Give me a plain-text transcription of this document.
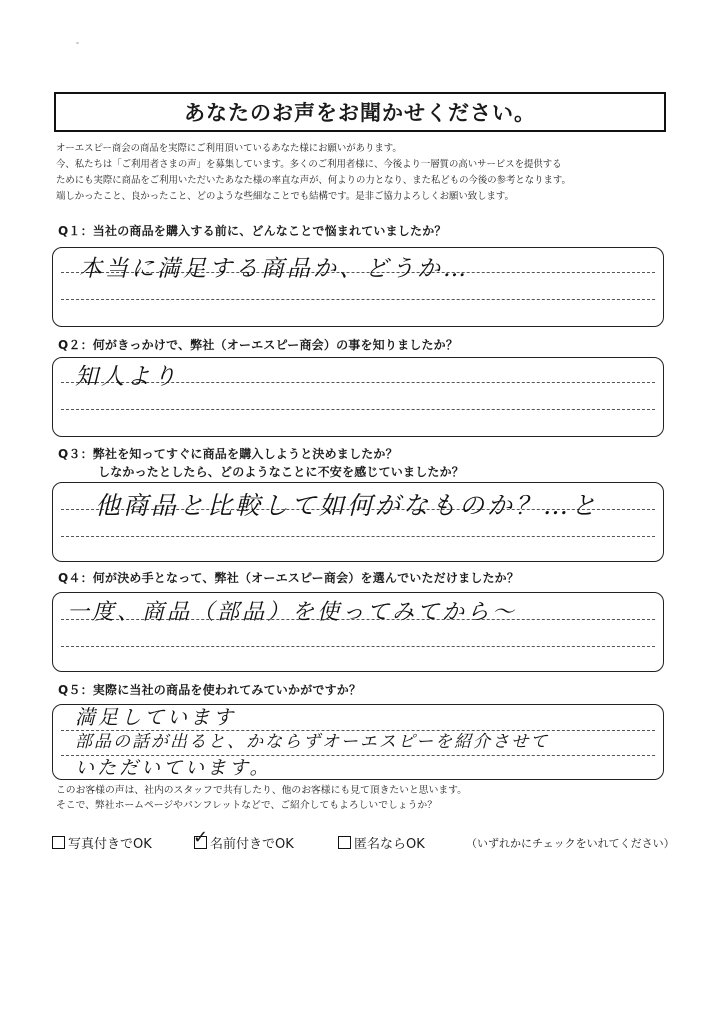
あなたのお声をお聞かせください。

オーエスピー商会の商品を実際にご利用頂いているあなた様にお願いがあります。

今、私たちは「ご利用者さまの声」を募集しています。多くのご利用者様に、今後より一層質の高いサービスを提供する

ためにも実際に商品をご利用いただいたあなた様の率直な声が、何よりの力となり、また私どもの今後の参考となります。

端しかったこと、良かったこと、どのような些細なことでも結構です。是非ご協力よろしくお願い致します。

Q１：当社の商品を購入する前に、どんなことで悩まれていましたか？
本当に満足する商品か、どうか…
Q２：何がきっかけで、弊社（オーエスピー商会）の事を知りましたか？
知人より
Q３：弊社を知ってすぐに商品を購入しようと決めましたか？
しなかったとしたら、どのようなことに不安を感じていましたか？
他商品と比較して如何がなものか？…と
Q４：何が決め手となって、弊社（オーエスピー商会）を選んでいただけましたか？
一度、商品（部品）を使ってみてから〜
Q５：実際に当社の商品を使われてみていかがですか？
満足しています
部品の話が出ると、かならずオーエスピーを紹介させて
いただいています。

このお客様の声は、社内のスタッフで共有したり、他のお客様にも見て頂きたいと思います。

そこで、弊社ホームページやパンフレットなどで、ご紹介してもよろしいでしょうか？

写真付きでOK ✓ 名前付きでOK	匿名ならOK	（いずれかにチェックをいれてください）
